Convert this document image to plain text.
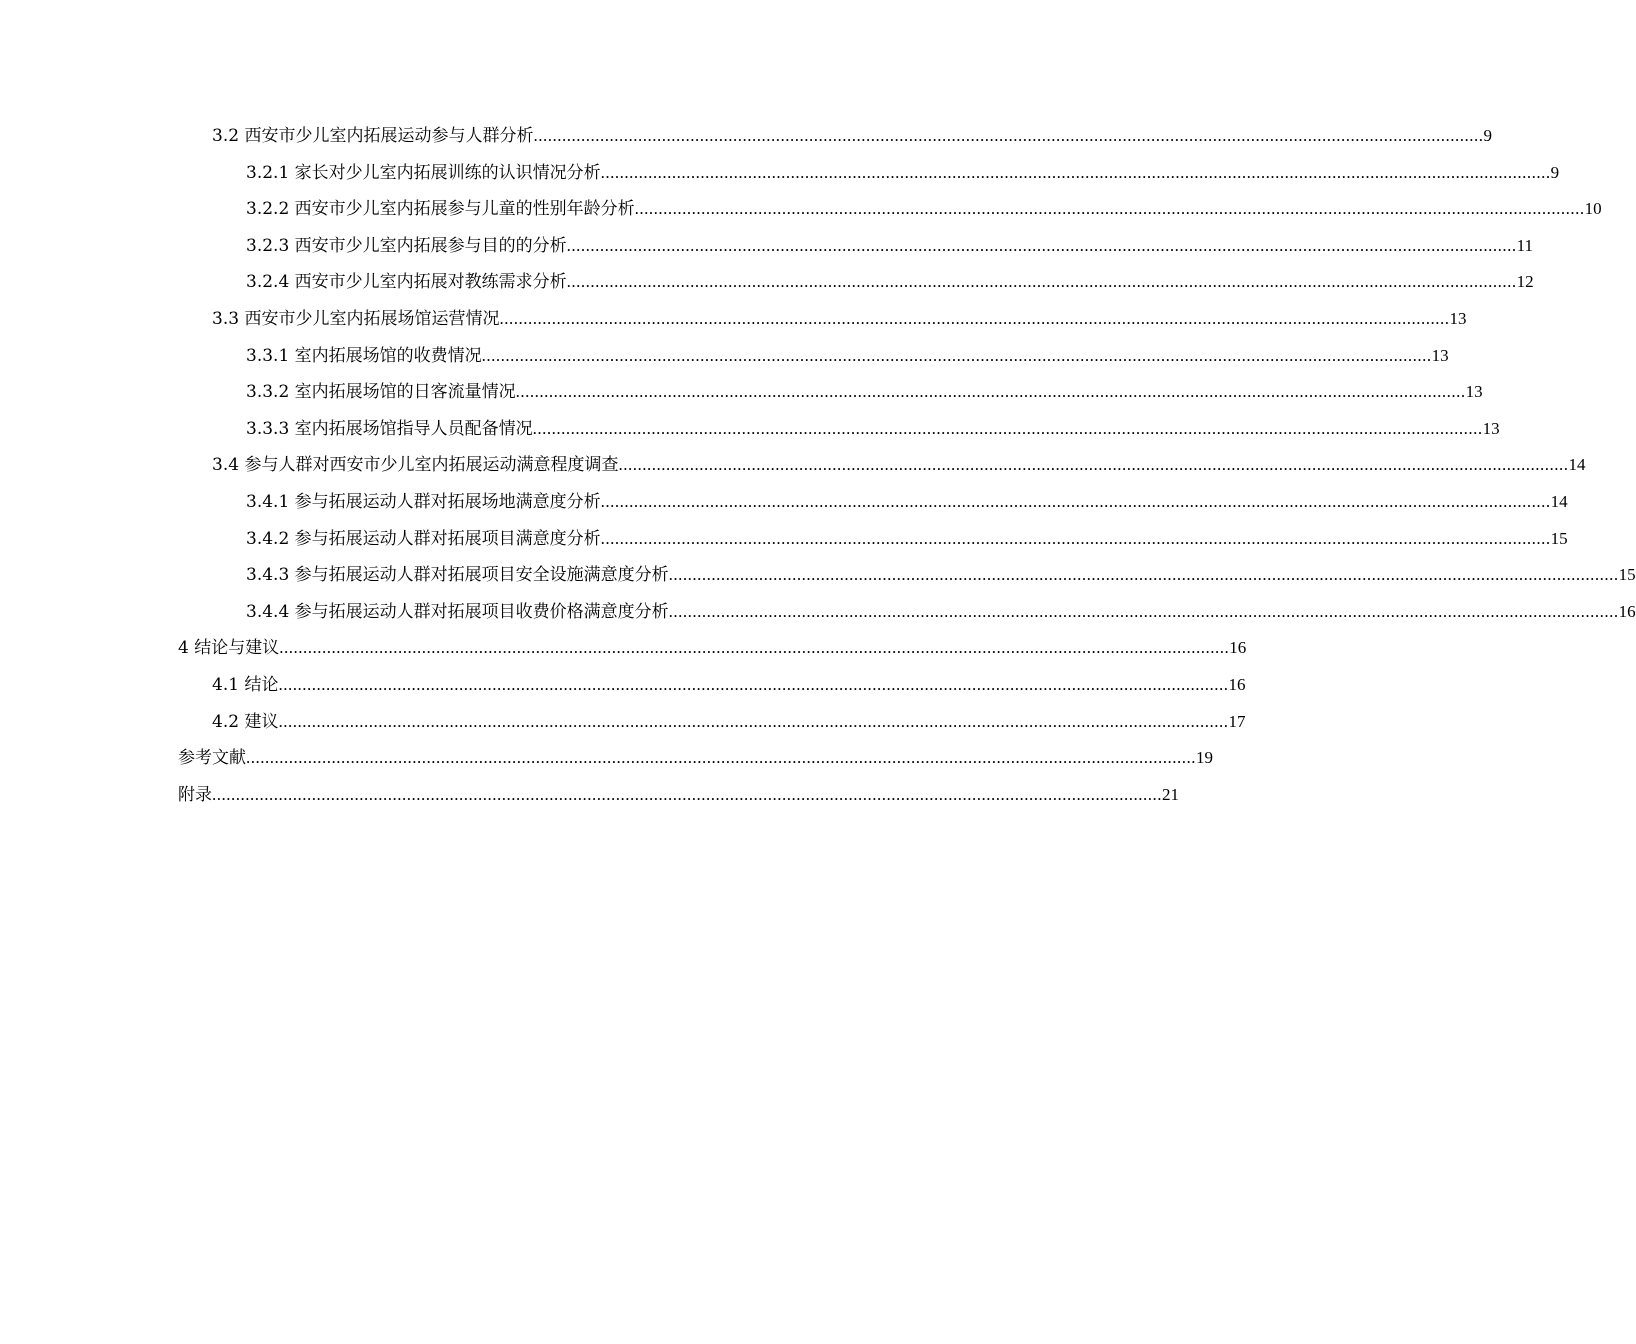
3.2 西安市少儿室内拓展运动参与人群分析 ........................................................................................................................................................................................................ 9
3.2.1 家长对少儿室内拓展训练的认识情况分析 ........................................................................................................................................................................................................ 9
3.2.2 西安市少儿室内拓展参与儿童的性别年龄分析 ........................................................................................................................................................................................................ 10
3.2.3 西安市少儿室内拓展参与目的的分析 ........................................................................................................................................................................................................ 11
3.2.4 西安市少儿室内拓展对教练需求分析 ........................................................................................................................................................................................................ 12
3.3 西安市少儿室内拓展场馆运营情况 ........................................................................................................................................................................................................ 13
3.3.1 室内拓展场馆的收费情况 ........................................................................................................................................................................................................ 13
3.3.2 室内拓展场馆的日客流量情况 ........................................................................................................................................................................................................ 13
3.3.3 室内拓展场馆指导人员配备情况 ........................................................................................................................................................................................................ 13
3.4 参与人群对西安市少儿室内拓展运动满意程度调查 ........................................................................................................................................................................................................ 14
3.4.1 参与拓展运动人群对拓展场地满意度分析 ........................................................................................................................................................................................................ 14
3.4.2 参与拓展运动人群对拓展项目满意度分析 ........................................................................................................................................................................................................ 15
3.4.3 参与拓展运动人群对拓展项目安全设施满意度分析 ........................................................................................................................................................................................................ 15
3.4.4 参与拓展运动人群对拓展项目收费价格满意度分析 ........................................................................................................................................................................................................ 16
4 结论与建议 ........................................................................................................................................................................................................ 16
4.1 结论 ........................................................................................................................................................................................................ 16
4.2 建议 ........................................................................................................................................................................................................ 17
参考文献 ........................................................................................................................................................................................................ 19
附录 ........................................................................................................................................................................................................ 21
